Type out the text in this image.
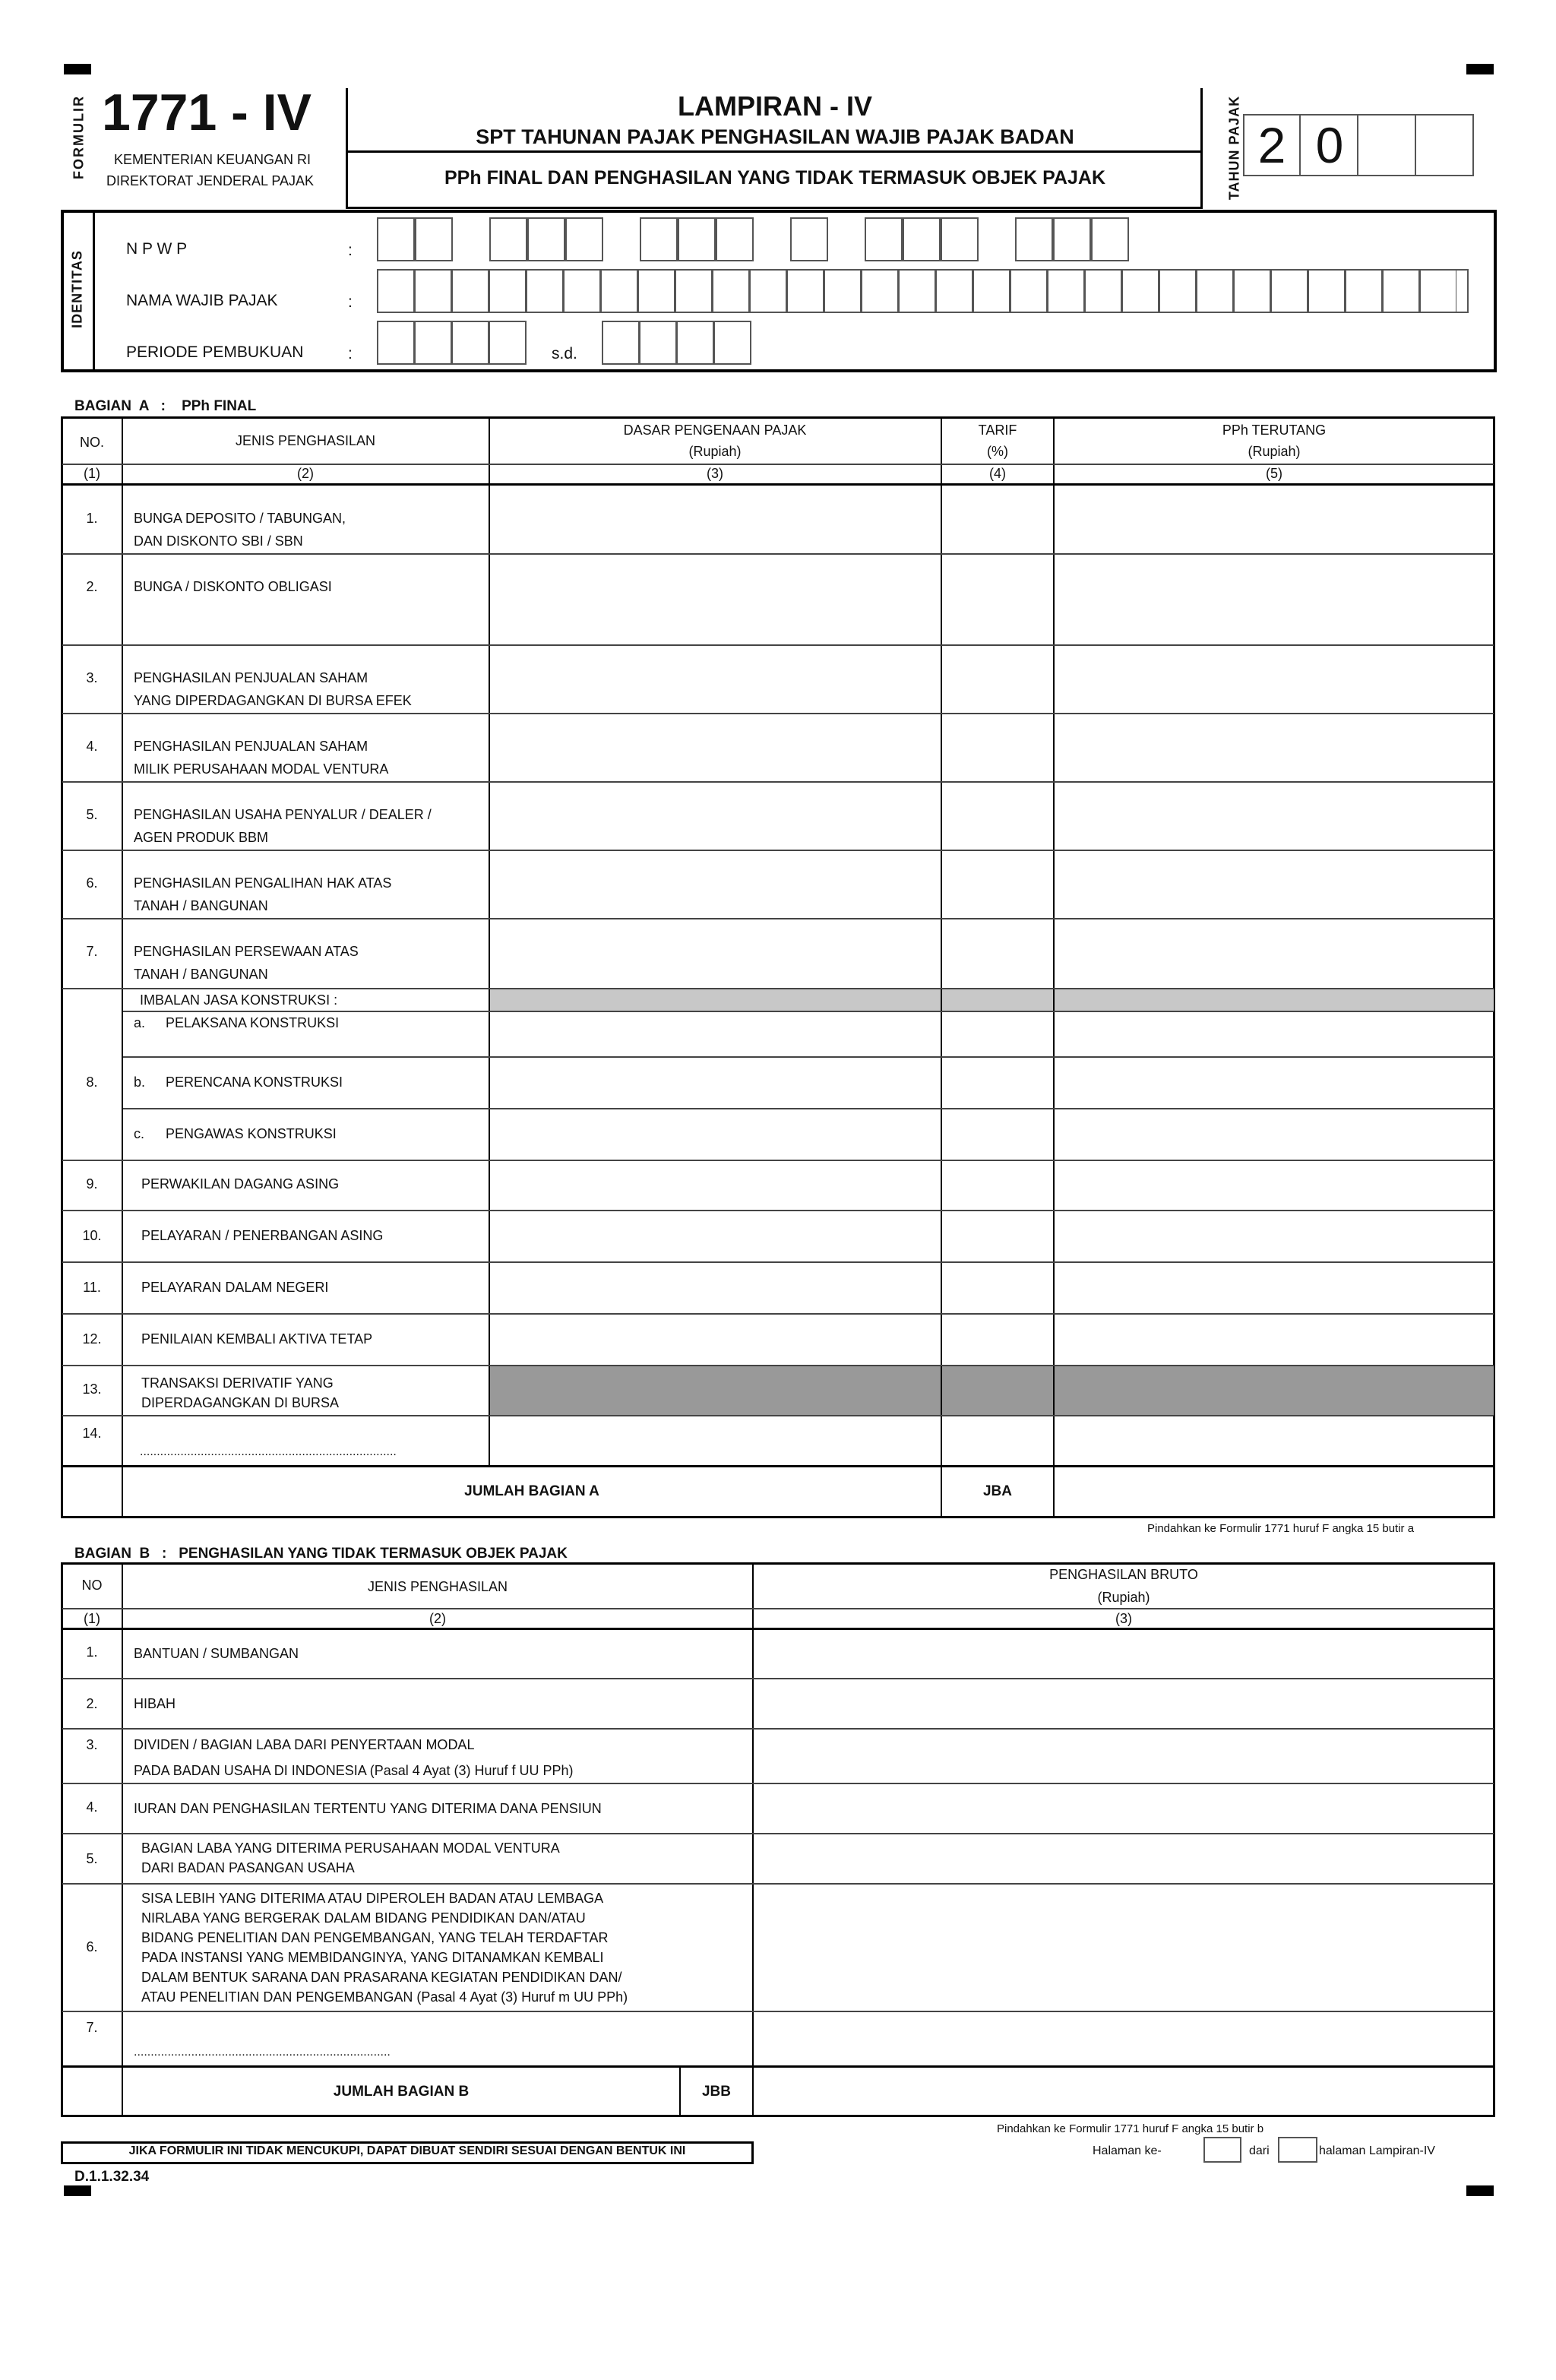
FORMULIR 1771 - IV
KEMENTERIAN KEUANGAN RI
DIREKTORAT JENDERAL PAJAK
LAMPIRAN - IV
SPT TAHUNAN PAJAK PENGHASILAN WAJIB PAJAK BADAN
PPh FINAL DAN PENGHASILAN YANG TIDAK TERMASUK OBJEK PAJAK	TAHUN PAJAK 2 0
IDENTITAS
N P W P	:
NAMA WAJIB PAJAK	:
PERIODE PEMBUKUAN	:	s.d.
BAGIAN  A   :    PPh FINAL
NO.	JENIS PENGHASILAN
DASAR PENGENAAN PAJAK
(Rupiah)
TARIF
(%)
PPh TERUTANG
(Rupiah)
(1)	(2)	(3)	(4)	(5)
1.	BUNGA DEPOSITO / TABUNGAN,
DAN DISKONTO SBI / SBN
2.	BUNGA / DISKONTO OBLIGASI
3.	PENGHASILAN PENJUALAN SAHAM
YANG DIPERDAGANGKAN DI BURSA EFEK
4.	PENGHASILAN PENJUALAN SAHAM
MILIK PERUSAHAAN MODAL VENTURA
5.	PENGHASILAN USAHA PENYALUR / DEALER /
AGEN PRODUK BBM
6.	PENGHASILAN PENGALIHAN HAK ATAS
TANAH / BANGUNAN
7.	PENGHASILAN PERSEWAAN ATAS
TANAH / BANGUNAN
8.
IMBALAN JASA KONSTRUKSI :
a. PELAKSANA KONSTRUKSI
b. PERENCANA KONSTRUKSI
c. PENGAWAS KONSTRUKSI
9.	PERWAKILAN DAGANG ASING
10.	PELAYARAN / PENERBANGAN ASING
11.	PELAYARAN DALAM NEGERI
12.	PENILAIAN KEMBALI AKTIVA TETAP
13.	TRANSAKSI DERIVATIF YANG
DIPERDAGANGKAN DI BURSA
14.
............................................................................
JUMLAH BAGIAN A	JBA
Pindahkan ke Formulir 1771 huruf F angka 15 butir a
BAGIAN  B   :   PENGHASILAN YANG TIDAK TERMASUK OBJEK PAJAK
NO	JENIS PENGHASILAN
PENGHASILAN BRUTO
(Rupiah)
(1)	(2)	(3)
1.	BANTUAN / SUMBANGAN
2.	HIBAH
3.	DIVIDEN / BAGIAN LABA DARI PENYERTAAN MODAL
PADA BADAN USAHA DI INDONESIA (Pasal 4 Ayat (3) Huruf f UU PPh)
4.	IURAN DAN PENGHASILAN TERTENTU YANG DITERIMA DANA PENSIUN
5.
BAGIAN LABA YANG DITERIMA PERUSAHAAN MODAL VENTURA
DARI BADAN PASANGAN USAHA
6.
SISA LEBIH YANG DITERIMA ATAU DIPEROLEH BADAN ATAU LEMBAGA
NIRLABA YANG BERGERAK DALAM BIDANG PENDIDIKAN DAN/ATAU
BIDANG PENELITIAN DAN PENGEMBANGAN, YANG TELAH TERDAFTAR
PADA INSTANSI YANG MEMBIDANGINYA, YANG DITANAMKAN KEMBALI
DALAM BENTUK SARANA DAN PRASARANA KEGIATAN PENDIDIKAN DAN/
ATAU PENELITIAN DAN PENGEMBANGAN (Pasal 4 Ayat (3) Huruf m UU PPh)
7.
............................................................................
JUMLAH BAGIAN B	JBB
Pindahkan ke Formulir 1771 huruf F angka 15 butir b
JIKA FORMULIR INI TIDAK MENCUKUPI, DAPAT DIBUAT SENDIRI SESUAI DENGAN BENTUK INI
D.1.1.32.34
Halaman ke-	dari	halaman Lampiran-IV
